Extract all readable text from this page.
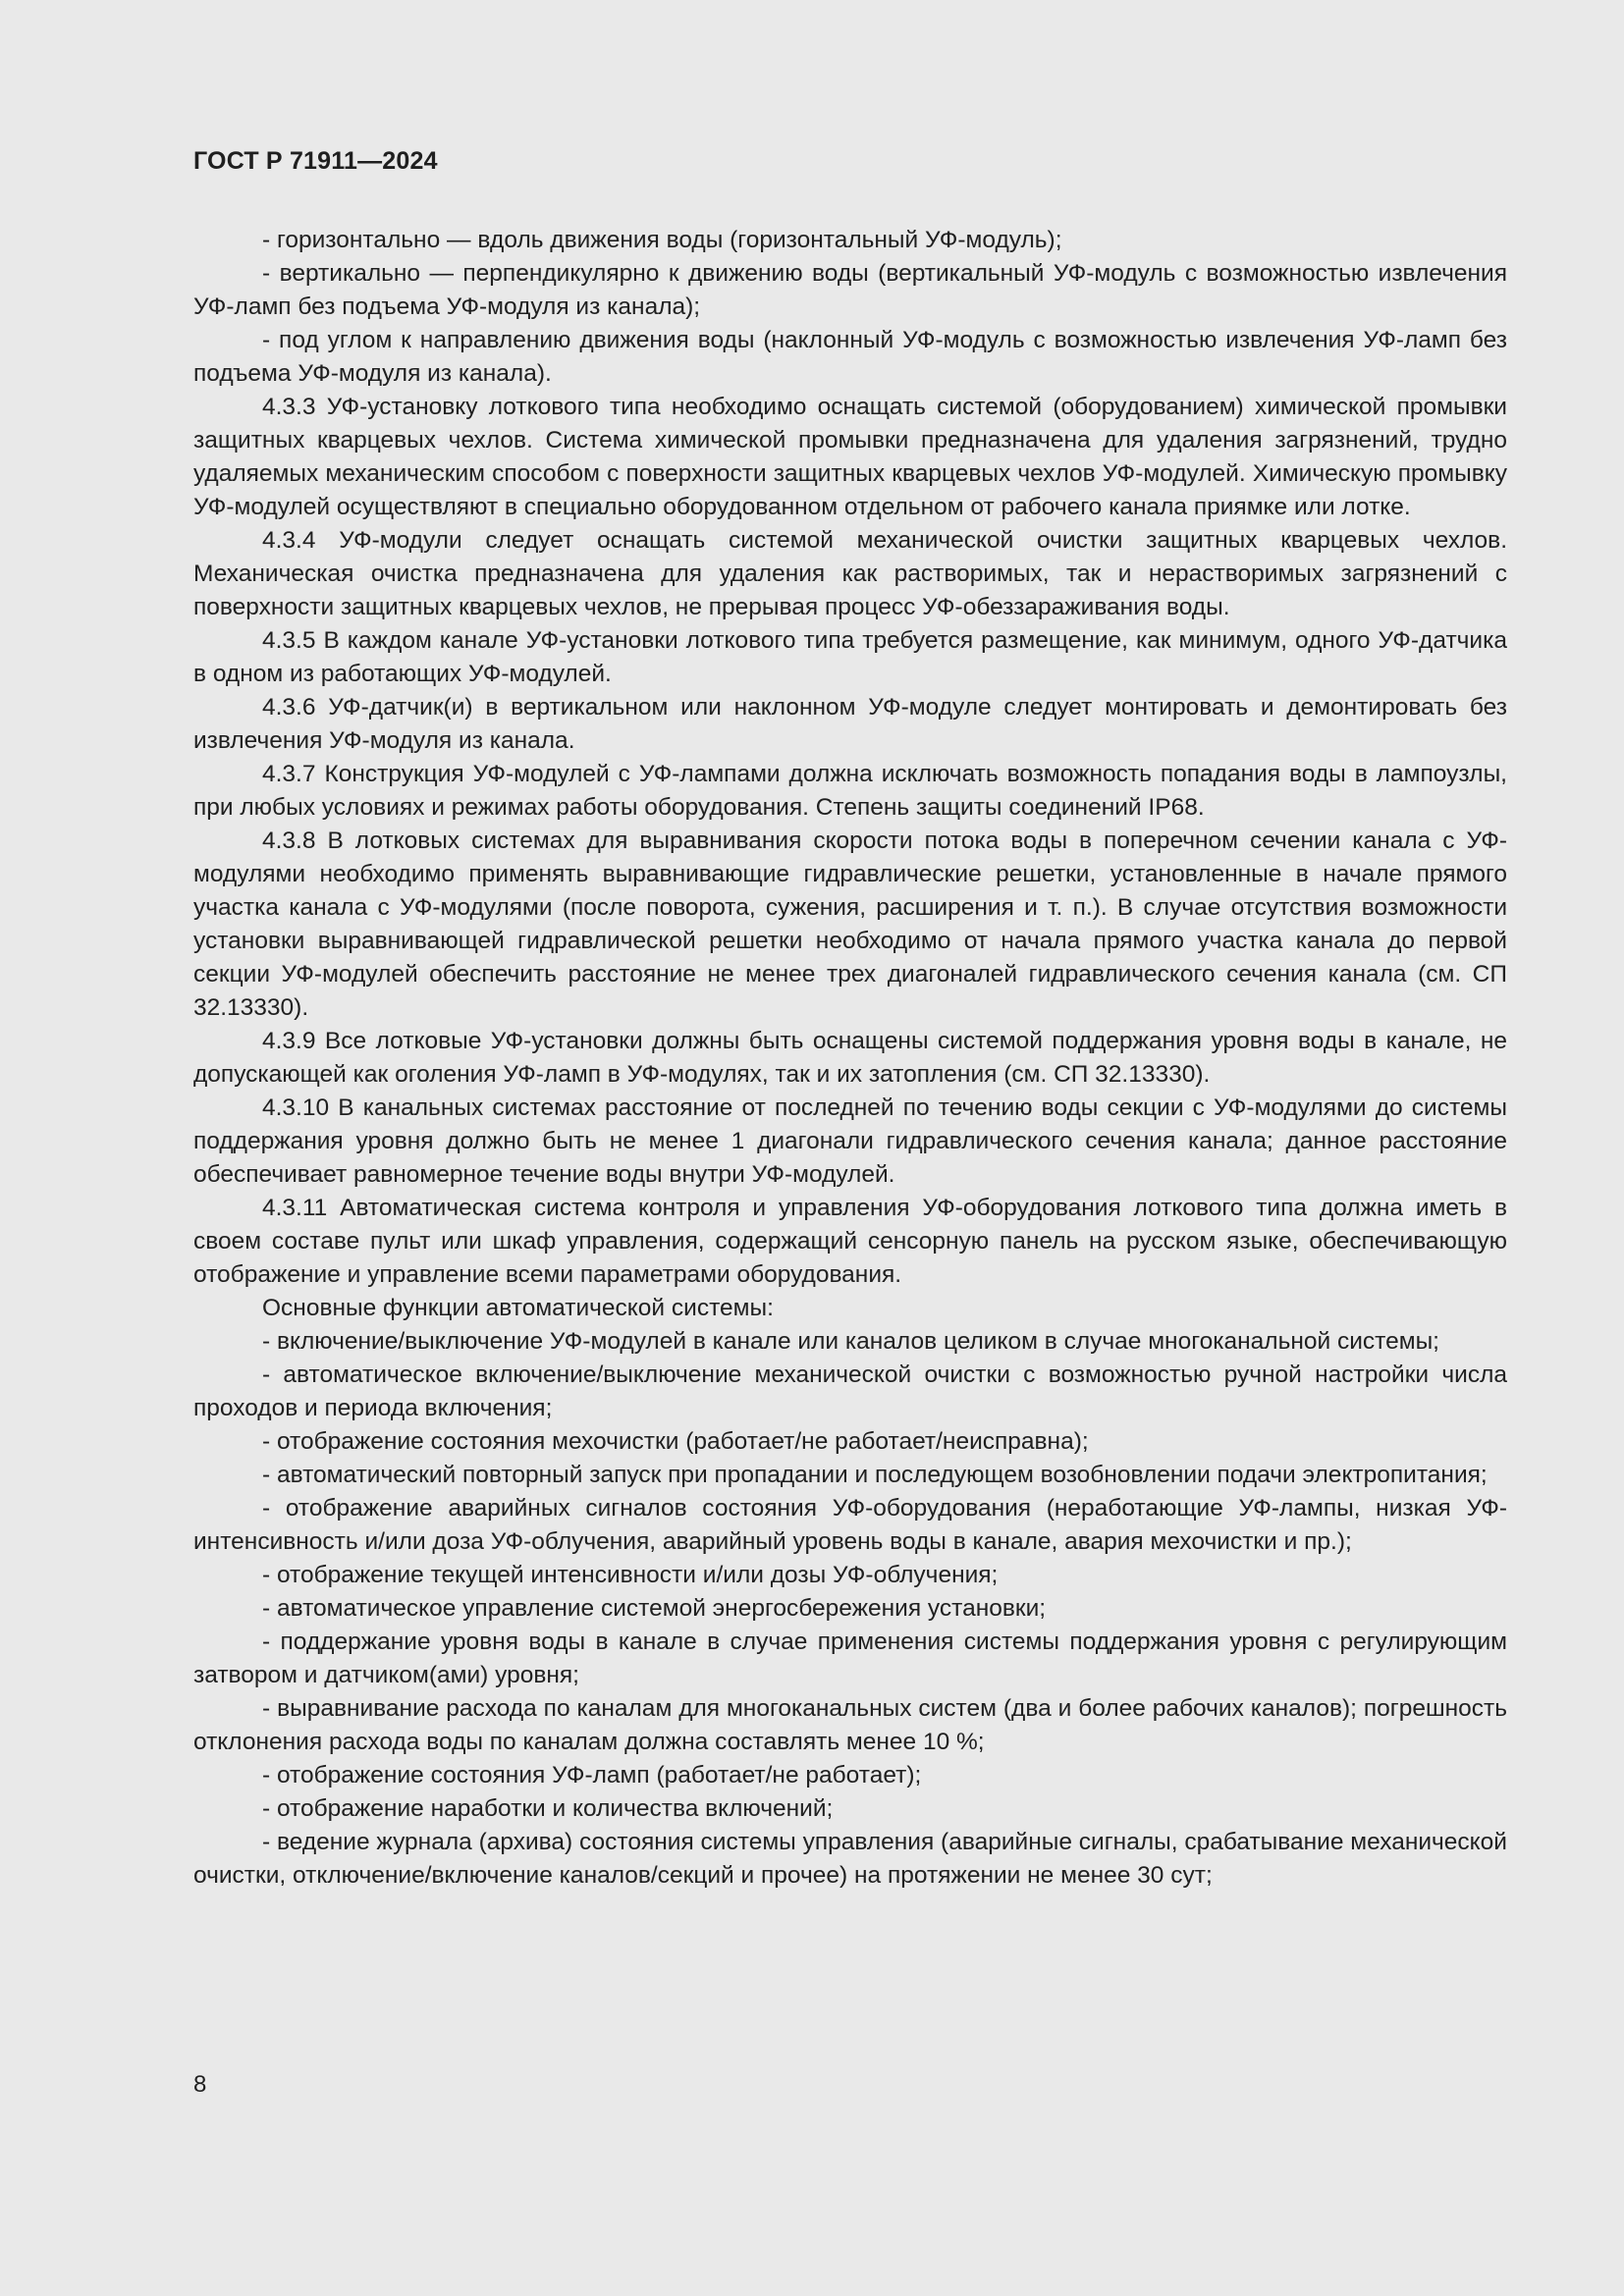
ГОСТ Р 71911—2024

- горизонтально — вдоль движения воды (горизонтальный УФ-модуль);

- вертикально — перпендикулярно к движению воды (вертикальный УФ-модуль с возможностью извлечения УФ-ламп без подъема УФ-модуля из канала);

- под углом к направлению движения воды (наклонный УФ-модуль с возможностью извлечения УФ-ламп без подъема УФ-модуля из канала).

4.3.3 УФ-установку лоткового типа необходимо оснащать системой (оборудованием) химической промывки защитных кварцевых чехлов. Система химической промывки предназначена для удаления загрязнений, трудно удаляемых механическим способом с поверхности защитных кварцевых чехлов УФ-модулей. Химическую промывку УФ-модулей осуществляют в специально оборудованном отдельном от рабочего канала приямке или лотке.

4.3.4 УФ-модули следует оснащать системой механической очистки защитных кварцевых чехлов. Механическая очистка предназначена для удаления как растворимых, так и нерастворимых загрязнений с поверхности защитных кварцевых чехлов, не прерывая процесс УФ-обеззараживания воды.

4.3.5 В каждом канале УФ-установки лоткового типа требуется размещение, как минимум, одного УФ-датчика в одном из работающих УФ-модулей.

4.3.6 УФ-датчик(и) в вертикальном или наклонном УФ-модуле следует монтировать и демонтировать без извлечения УФ-модуля из канала.

4.3.7 Конструкция УФ-модулей с УФ-лампами должна исключать возможность попадания воды в лампоузлы, при любых условиях и режимах работы оборудования. Степень защиты соединений IP68.

4.3.8 В лотковых системах для выравнивания скорости потока воды в поперечном сечении канала с УФ-модулями необходимо применять выравнивающие гидравлические решетки, установленные в начале прямого участка канала с УФ-модулями (после поворота, сужения, расширения и т. п.). В случае отсутствия возможности установки выравнивающей гидравлической решетки необходимо от начала прямого участка канала до первой секции УФ-модулей обеспечить расстояние не менее трех диагоналей гидравлического сечения канала (см. СП 32.13330).

4.3.9 Все лотковые УФ-установки должны быть оснащены системой поддержания уровня воды в канале, не допускающей как оголения УФ-ламп в УФ-модулях, так и их затопления (см. СП 32.13330).

4.3.10 В канальных системах расстояние от последней по течению воды секции с УФ-модулями до системы поддержания уровня должно быть не менее 1 диагонали гидравлического сечения канала; данное расстояние обеспечивает равномерное течение воды внутри УФ-модулей.

4.3.11 Автоматическая система контроля и управления УФ-оборудования лоткового типа должна иметь в своем составе пульт или шкаф управления, содержащий сенсорную панель на русском языке, обеспечивающую отображение и управление всеми параметрами оборудования.

Основные функции автоматической системы:

- включение/выключение УФ-модулей в канале или каналов целиком в случае многоканальной системы;

- автоматическое включение/выключение механической очистки с возможностью ручной настройки числа проходов и периода включения;

- отображение состояния мехочистки (работает/не работает/неисправна);

- автоматический повторный запуск при пропадании и последующем возобновлении подачи электропитания;

- отображение аварийных сигналов состояния УФ-оборудования (неработающие УФ-лампы, низкая УФ-интенсивность и/или доза УФ-облучения, аварийный уровень воды в канале, авария мехочистки и пр.);

- отображение текущей интенсивности и/или дозы УФ-облучения;

- автоматическое управление системой энергосбережения установки;

- поддержание уровня воды в канале в случае применения системы поддержания уровня с регулирующим затвором и датчиком(ами) уровня;

- выравнивание расхода по каналам для многоканальных систем (два и более рабочих каналов); погрешность отклонения расхода воды по каналам должна составлять менее 10 %;

- отображение состояния УФ-ламп (работает/не работает);

- отображение наработки и количества включений;

- ведение журнала (архива) состояния системы управления (аварийные сигналы, срабатывание механической очистки, отключение/включение каналов/секций и прочее) на протяжении не менее 30 сут;

8
